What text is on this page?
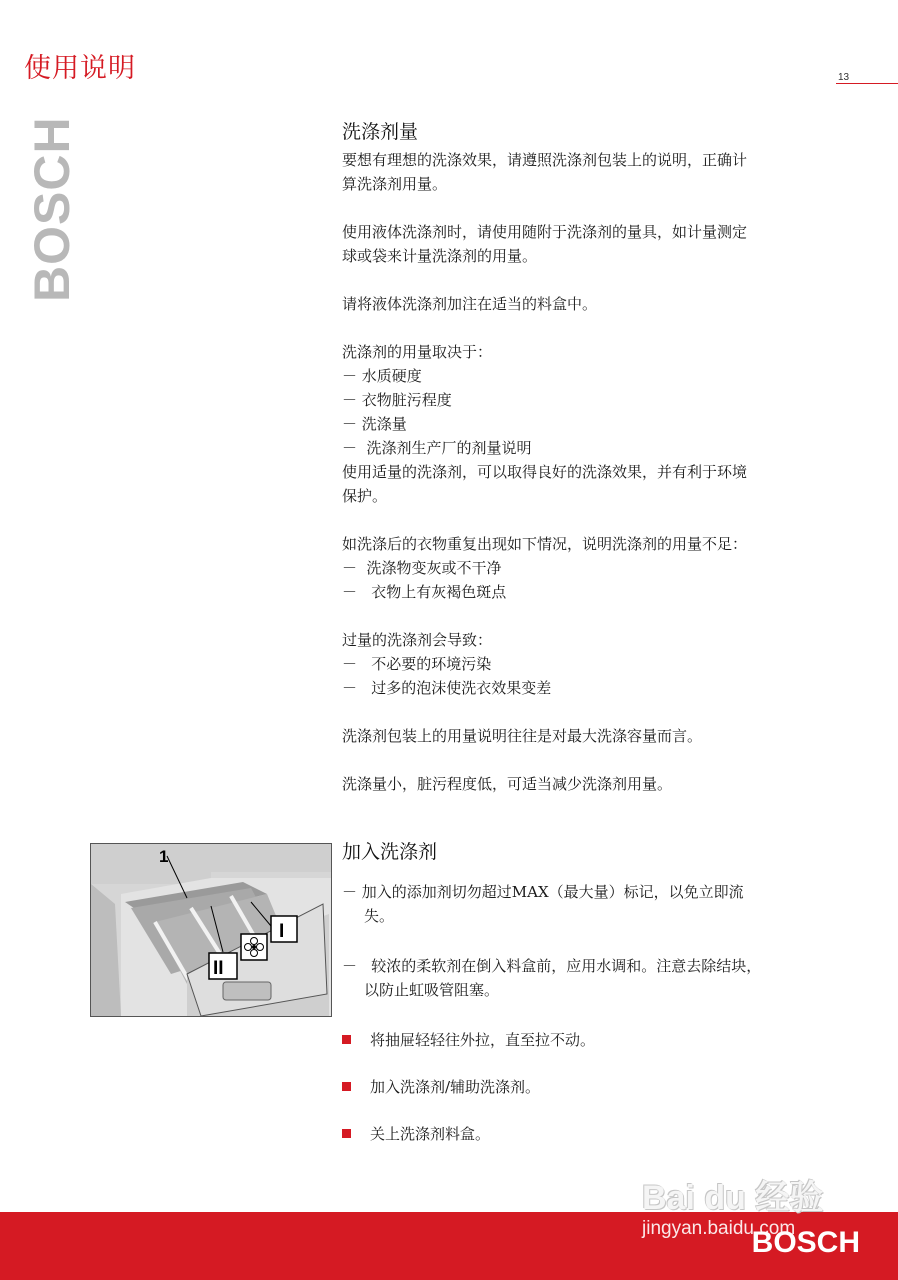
使用说明	13
BOSCH	洗涤剂量

要想有理想的洗涤效果，请遵照洗涤剂包装上的说明，正确计
算洗涤剂用量。

使用液体洗涤剂时，请使用随附于洗涤剂的量具，如计量测定
球或袋来计量洗涤剂的用量。

请将液体洗涤剂加注在适当的料盒中。

洗涤剂的用量取决于：

－ 水质硬度
－ 衣物脏污程度
－ 洗涤量
－  洗涤剂生产厂的剂量说明

使用适量的洗涤剂，可以取得良好的洗涤效果，并有利于环境
保护。

如洗涤后的衣物重复出现如下情况，说明洗涤剂的用量不足：

－  洗涤物变灰或不干净
－   衣物上有灰褐色斑点

过量的洗涤剂会导致：

－   不必要的环境污染
－   过多的泡沫使洗衣效果变差

洗涤剂包装上的用量说明往往是对最大洗涤容量而言。

洗涤量小，脏污程度低，可适当减少洗涤剂用量。

1
II
I
加入洗涤剂
－ 加入的添加剂切勿超过MAX（最大量）标记，以免立即流
失。
－   较浓的柔软剂在倒入料盒前，应用水调和。注意去除结块，
以防止虹吸管阻塞。
将抽屉轻轻往外拉，直至拉不动。
加入洗涤剂/辅助洗涤剂。
关上洗涤剂料盒。
BOSCH
Bai du 经验
jingyan.baidu.com
